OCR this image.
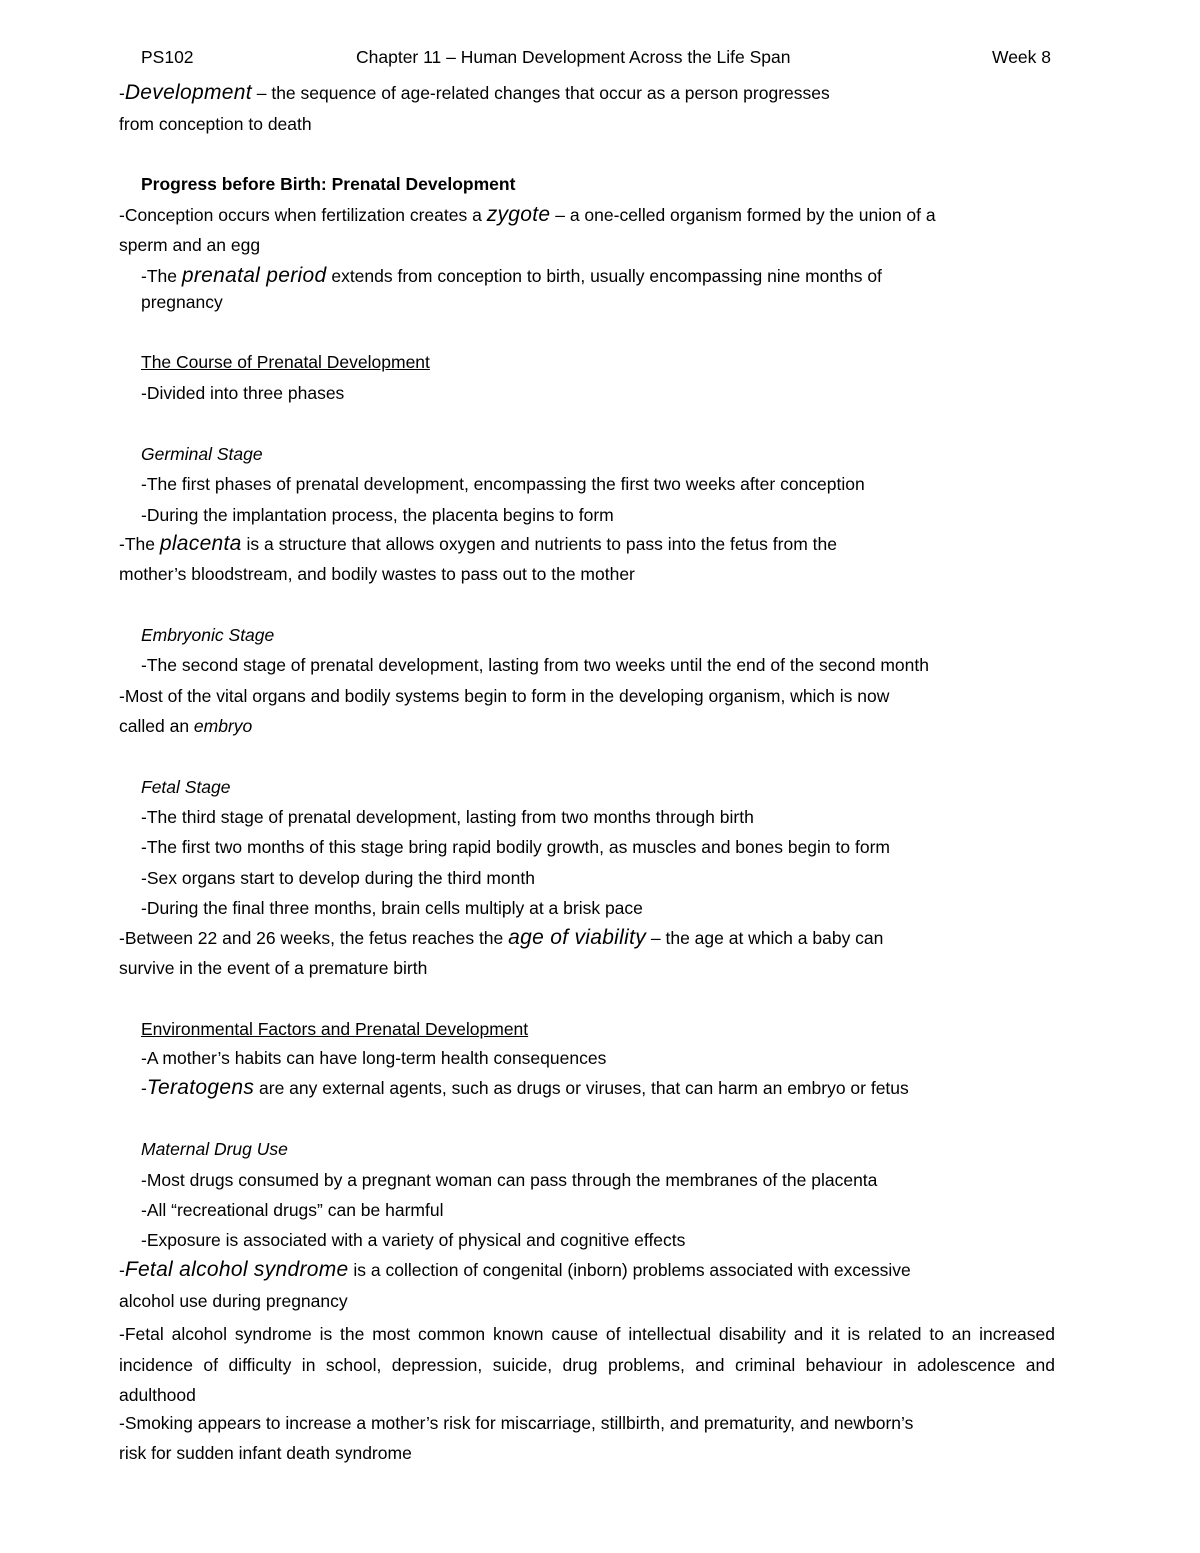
PS102	Chapter 11 – Human Development Across the Life Span	Week 8
-Development – the sequence of age-related changes that occur as a person progresses
from conception to death
Progress before Birth: Prenatal Development
-Conception occurs when fertilization creates a zygote – a one-celled organism formed by the union of a
sperm and an egg
-The prenatal period extends from conception to birth, usually encompassing nine months of
pregnancy
The Course of Prenatal Development
-Divided into three phases
Germinal Stage
-The first phases of prenatal development, encompassing the first two weeks after conception
-During the implantation process, the placenta begins to form
-The placenta is a structure that allows oxygen and nutrients to pass into the fetus from the
mother’s bloodstream, and bodily wastes to pass out to the mother
Embryonic Stage
-The second stage of prenatal development, lasting from two weeks until the end of the second month
-Most of the vital organs and bodily systems begin to form in the developing organism, which is now
called an embryo
Fetal Stage
-The third stage of prenatal development, lasting from two months through birth
-The first two months of this stage bring rapid bodily growth, as muscles and bones begin to form
-Sex organs start to develop during the third month
-During the final three months, brain cells multiply at a brisk pace
-Between 22 and 26 weeks, the fetus reaches the age of viability – the age at which a baby can
survive in the event of a premature birth
Environmental Factors and Prenatal Development
-A mother’s habits can have long-term health consequences
-Teratogens are any external agents, such as drugs or viruses, that can harm an embryo or fetus
Maternal Drug Use
-Most drugs consumed by a pregnant woman can pass through the membranes of the placenta
-All “recreational drugs” can be harmful
-Exposure is associated with a variety of physical and cognitive effects
-Fetal alcohol syndrome is a collection of congenital (inborn) problems associated with excessive
alcohol use during pregnancy
-Fetal alcohol syndrome is the most common known cause of intellectual disability and it is related to an increased incidence of difficulty in school, depression, suicide, drug problems, and criminal behaviour in adolescence and adulthood
-Smoking appears to increase a mother’s risk for miscarriage, stillbirth, and prematurity, and newborn’s
risk for sudden infant death syndrome
